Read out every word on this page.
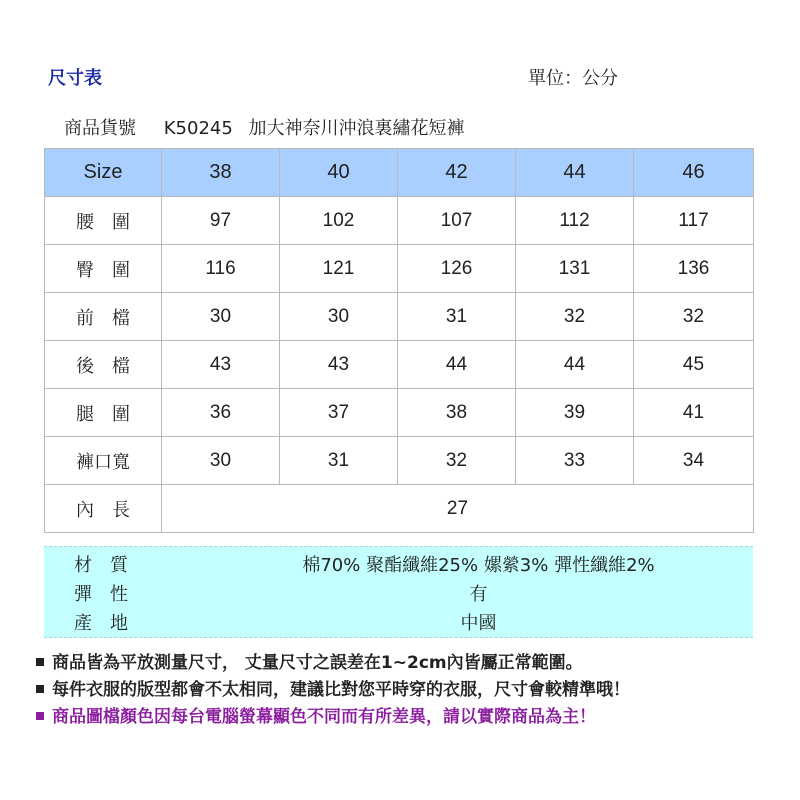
尺寸表	單位：公分
商品貨號 K50245 加大神奈川沖浪裏繡花短褲
Size	38	40	42	44	46
腰　圍	97	102	107	112	117
臀　圍	116	121	126	131	136
前　檔	30	30	31	32	32
後　檔	43	43	44	44	45
腿　圍	36	37	38	39	41
褲口寬	30	31	32	33	34
內　長	27				
材　質	棉70% 聚酯纖維25% 嫘縈3% 彈性纖維2%
彈　性	有
產　地	中國
商品皆為平放測量尺寸， 丈量尺寸之誤差在1~2cm內皆屬正常範圍。
每件衣服的版型都會不太相同，建議比對您平時穿的衣服，尺寸會較精準哦！
商品圖檔顏色因每台電腦螢幕顯色不同而有所差異，請以實際商品為主！
